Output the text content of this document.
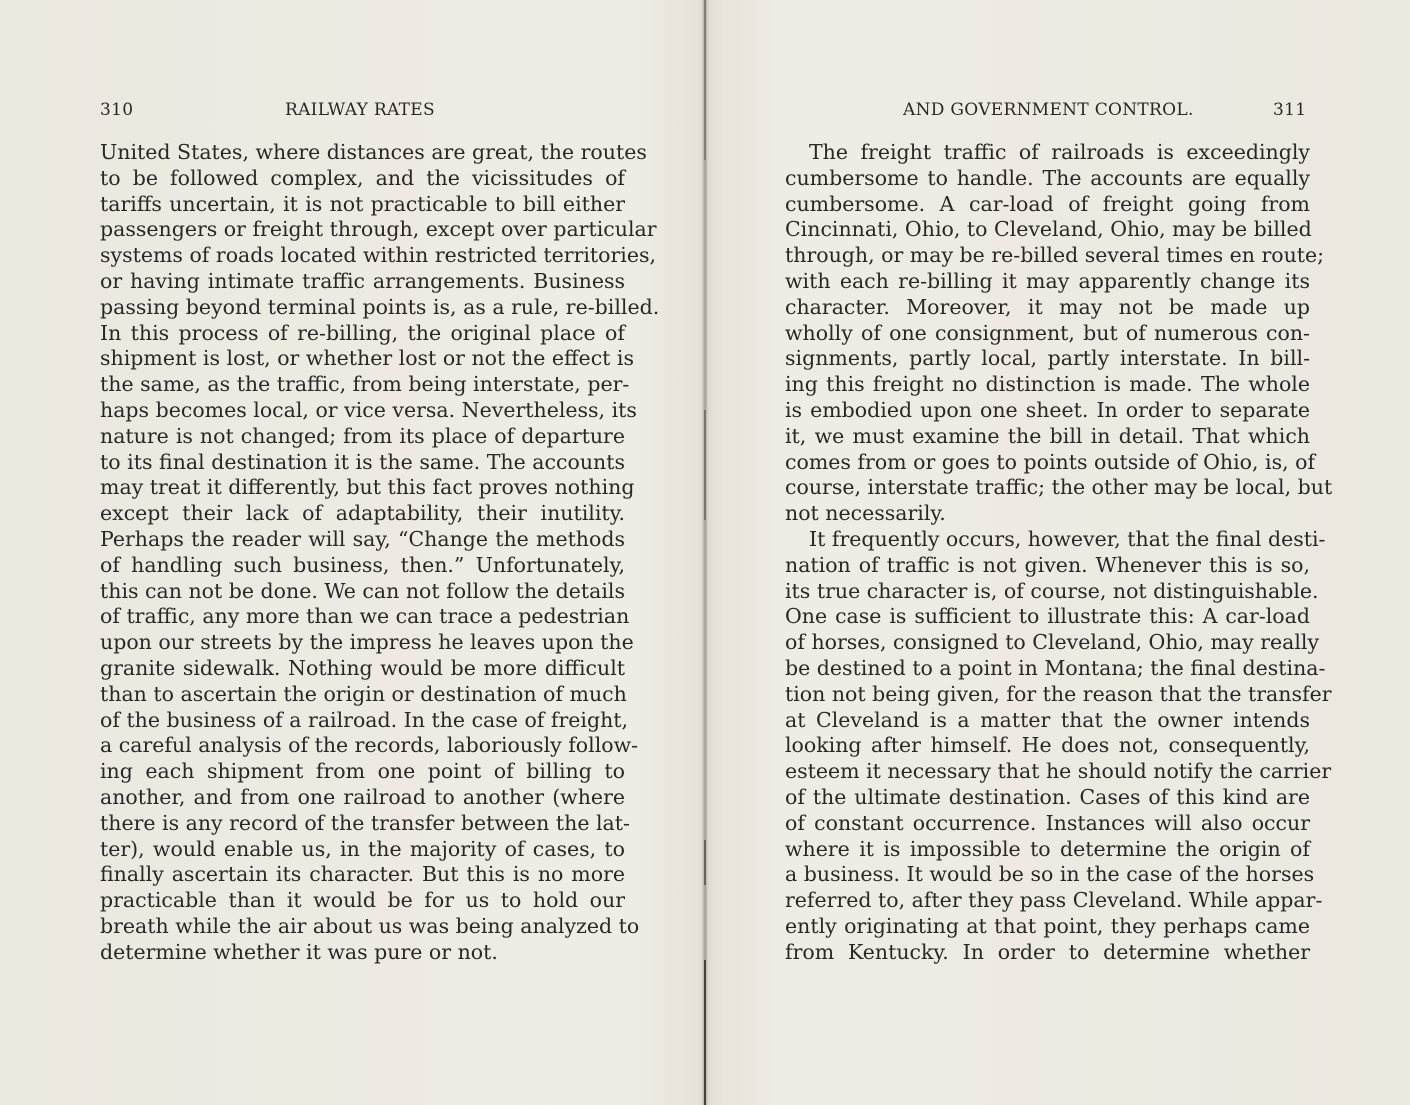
310	RAILWAY RATES
United States, where distances are great, the routes
to be followed complex, and the vicissitudes of
tariffs uncertain, it is not practicable to bill either
passengers or freight through, except over particular
systems of roads located within restricted territories,
or having intimate traffic arrangements. Business
passing beyond terminal points is, as a rule, re-billed.
In this process of re-billing, the original place of
shipment is lost, or whether lost or not the effect is
the same, as the traffic, from being interstate, per-
haps becomes local, or vice versa. Nevertheless, its
nature is not changed; from its place of departure
to its final destination it is the same. The accounts
may treat it differently, but this fact proves nothing
except their lack of adaptability, their inutility.
Perhaps the reader will say, “Change the methods
of handling such business, then.” Unfortunately,
this can not be done. We can not follow the details
of traffic, any more than we can trace a pedestrian
upon our streets by the impress he leaves upon the
granite sidewalk. Nothing would be more difficult
than to ascertain the origin or destination of much
of the business of a railroad. In the case of freight,
a careful analysis of the records, laboriously follow-
ing each shipment from one point of billing to
another, and from one railroad to another (where
there is any record of the transfer between the lat-
ter), would enable us, in the majority of cases, to
finally ascertain its character. But this is no more
practicable than it would be for us to hold our
breath while the air about us was being analyzed to
determine whether it was pure or not.
AND GOVERNMENT CONTROL.	311
The freight traffic of railroads is exceedingly
cumbersome to handle. The accounts are equally
cumbersome. A car-load of freight going from
Cincinnati, Ohio, to Cleveland, Ohio, may be billed
through, or may be re-billed several times en route;
with each re-billing it may apparently change its
character. Moreover, it may not be made up
wholly of one consignment, but of numerous con-
signments, partly local, partly interstate. In bill-
ing this freight no distinction is made. The whole
is embodied upon one sheet. In order to separate
it, we must examine the bill in detail. That which
comes from or goes to points outside of Ohio, is, of
course, interstate traffic; the other may be local, but
not necessarily.
It frequently occurs, however, that the final desti-
nation of traffic is not given. Whenever this is so,
its true character is, of course, not distinguishable.
One case is sufficient to illustrate this: A car-load
of horses, consigned to Cleveland, Ohio, may really
be destined to a point in Montana; the final destina-
tion not being given, for the reason that the transfer
at Cleveland is a matter that the owner intends
looking after himself. He does not, consequently,
esteem it necessary that he should notify the carrier
of the ultimate destination. Cases of this kind are
of constant occurrence. Instances will also occur
where it is impossible to determine the origin of
a business. It would be so in the case of the horses
referred to, after they pass Cleveland. While appar-
ently originating at that point, they perhaps came
from Kentucky. In order to determine whether
